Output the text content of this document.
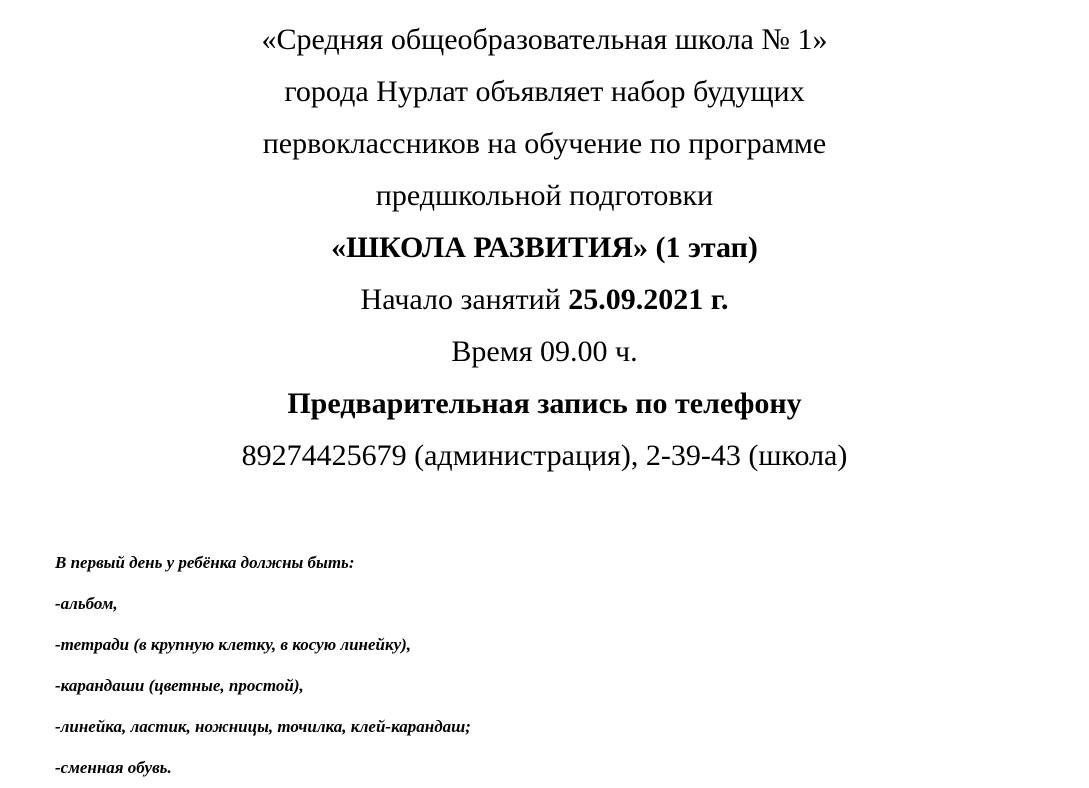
«Средняя общеобразовательная школа № 1»
города Нурлат объявляет набор будущих
первоклассников на обучение по программе
предшкольной подготовки
«ШКОЛА РАЗВИТИЯ» (1 этап)
Начало занятий 25.09.2021 г.
Время 09.00 ч.
Предварительная запись по телефону
89274425679 (администрация), 2-39-43 (школа)
В первый день у ребёнка должны быть:
-альбом,
-тетради (в крупную клетку, в косую линейку),
-карандаши (цветные, простой),
-линейка, ластик, ножницы, точилка, клей-карандаш;
-сменная обувь.
